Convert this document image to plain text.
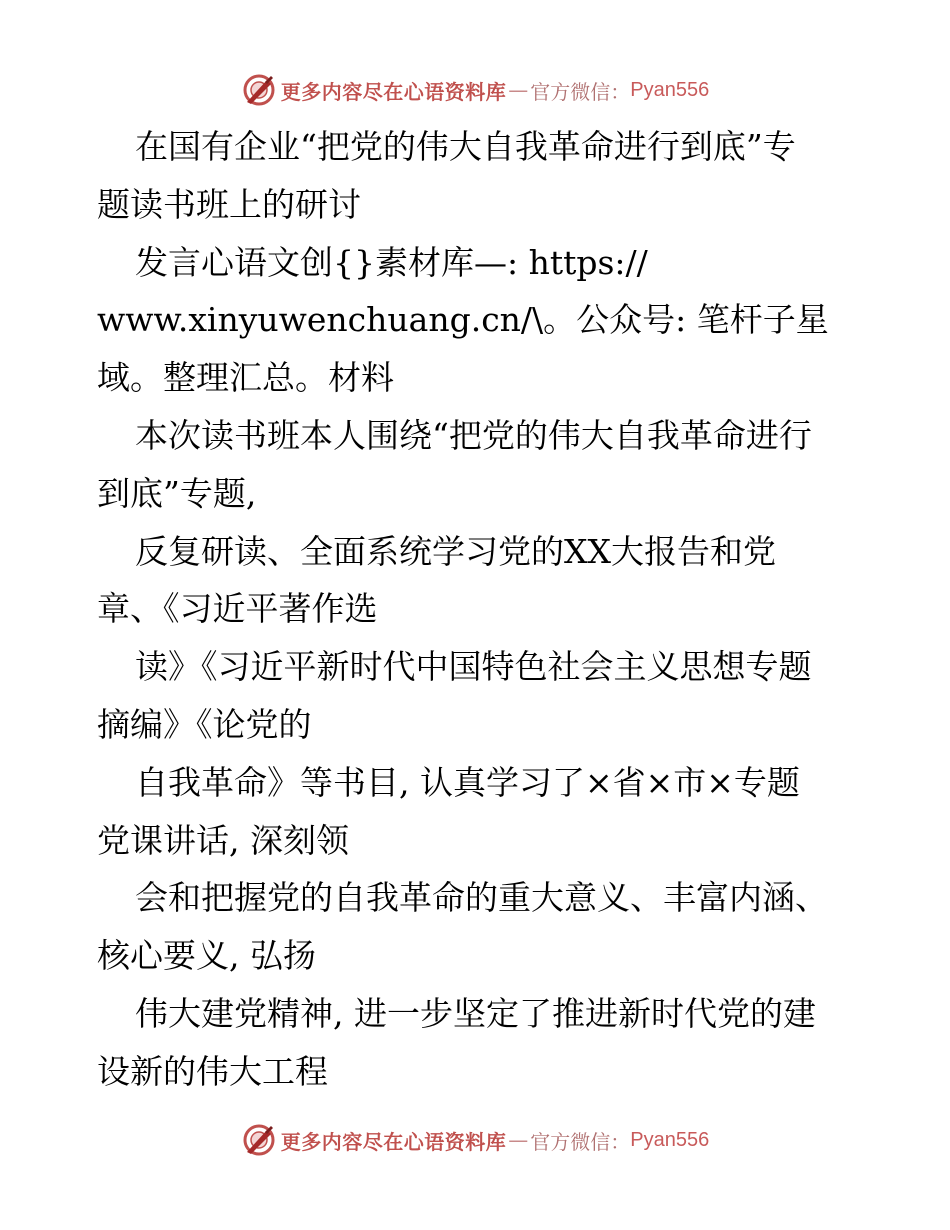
更多内容尽在心语资料库 — 官方微信： Pyan556
在国有企业“把党的伟大自我革命进行到底”专
题读书班上的研讨
发言心语文创{}素材库—: https://
www.xinyuwenchuang.cn/\。公众号: 笔杆子星
域。整理汇总。材料
本次读书班本人围绕“把党的伟大自我革命进行
到底”专题,
反复研读、全面系统学习党的XX大报告和党
章、《习近平著作选
读》《习近平新时代中国特色社会主义思想专题
摘编》《论党的
自我革命》等书目, 认真学习了×省×市×专题
党课讲话, 深刻领
会和把握党的自我革命的重大意义、丰富内涵、
核心要义, 弘扬
伟大建党精神, 进一步坚定了推进新时代党的建
设新的伟大工程
更多内容尽在心语资料库 — 官方微信： Pyan556
